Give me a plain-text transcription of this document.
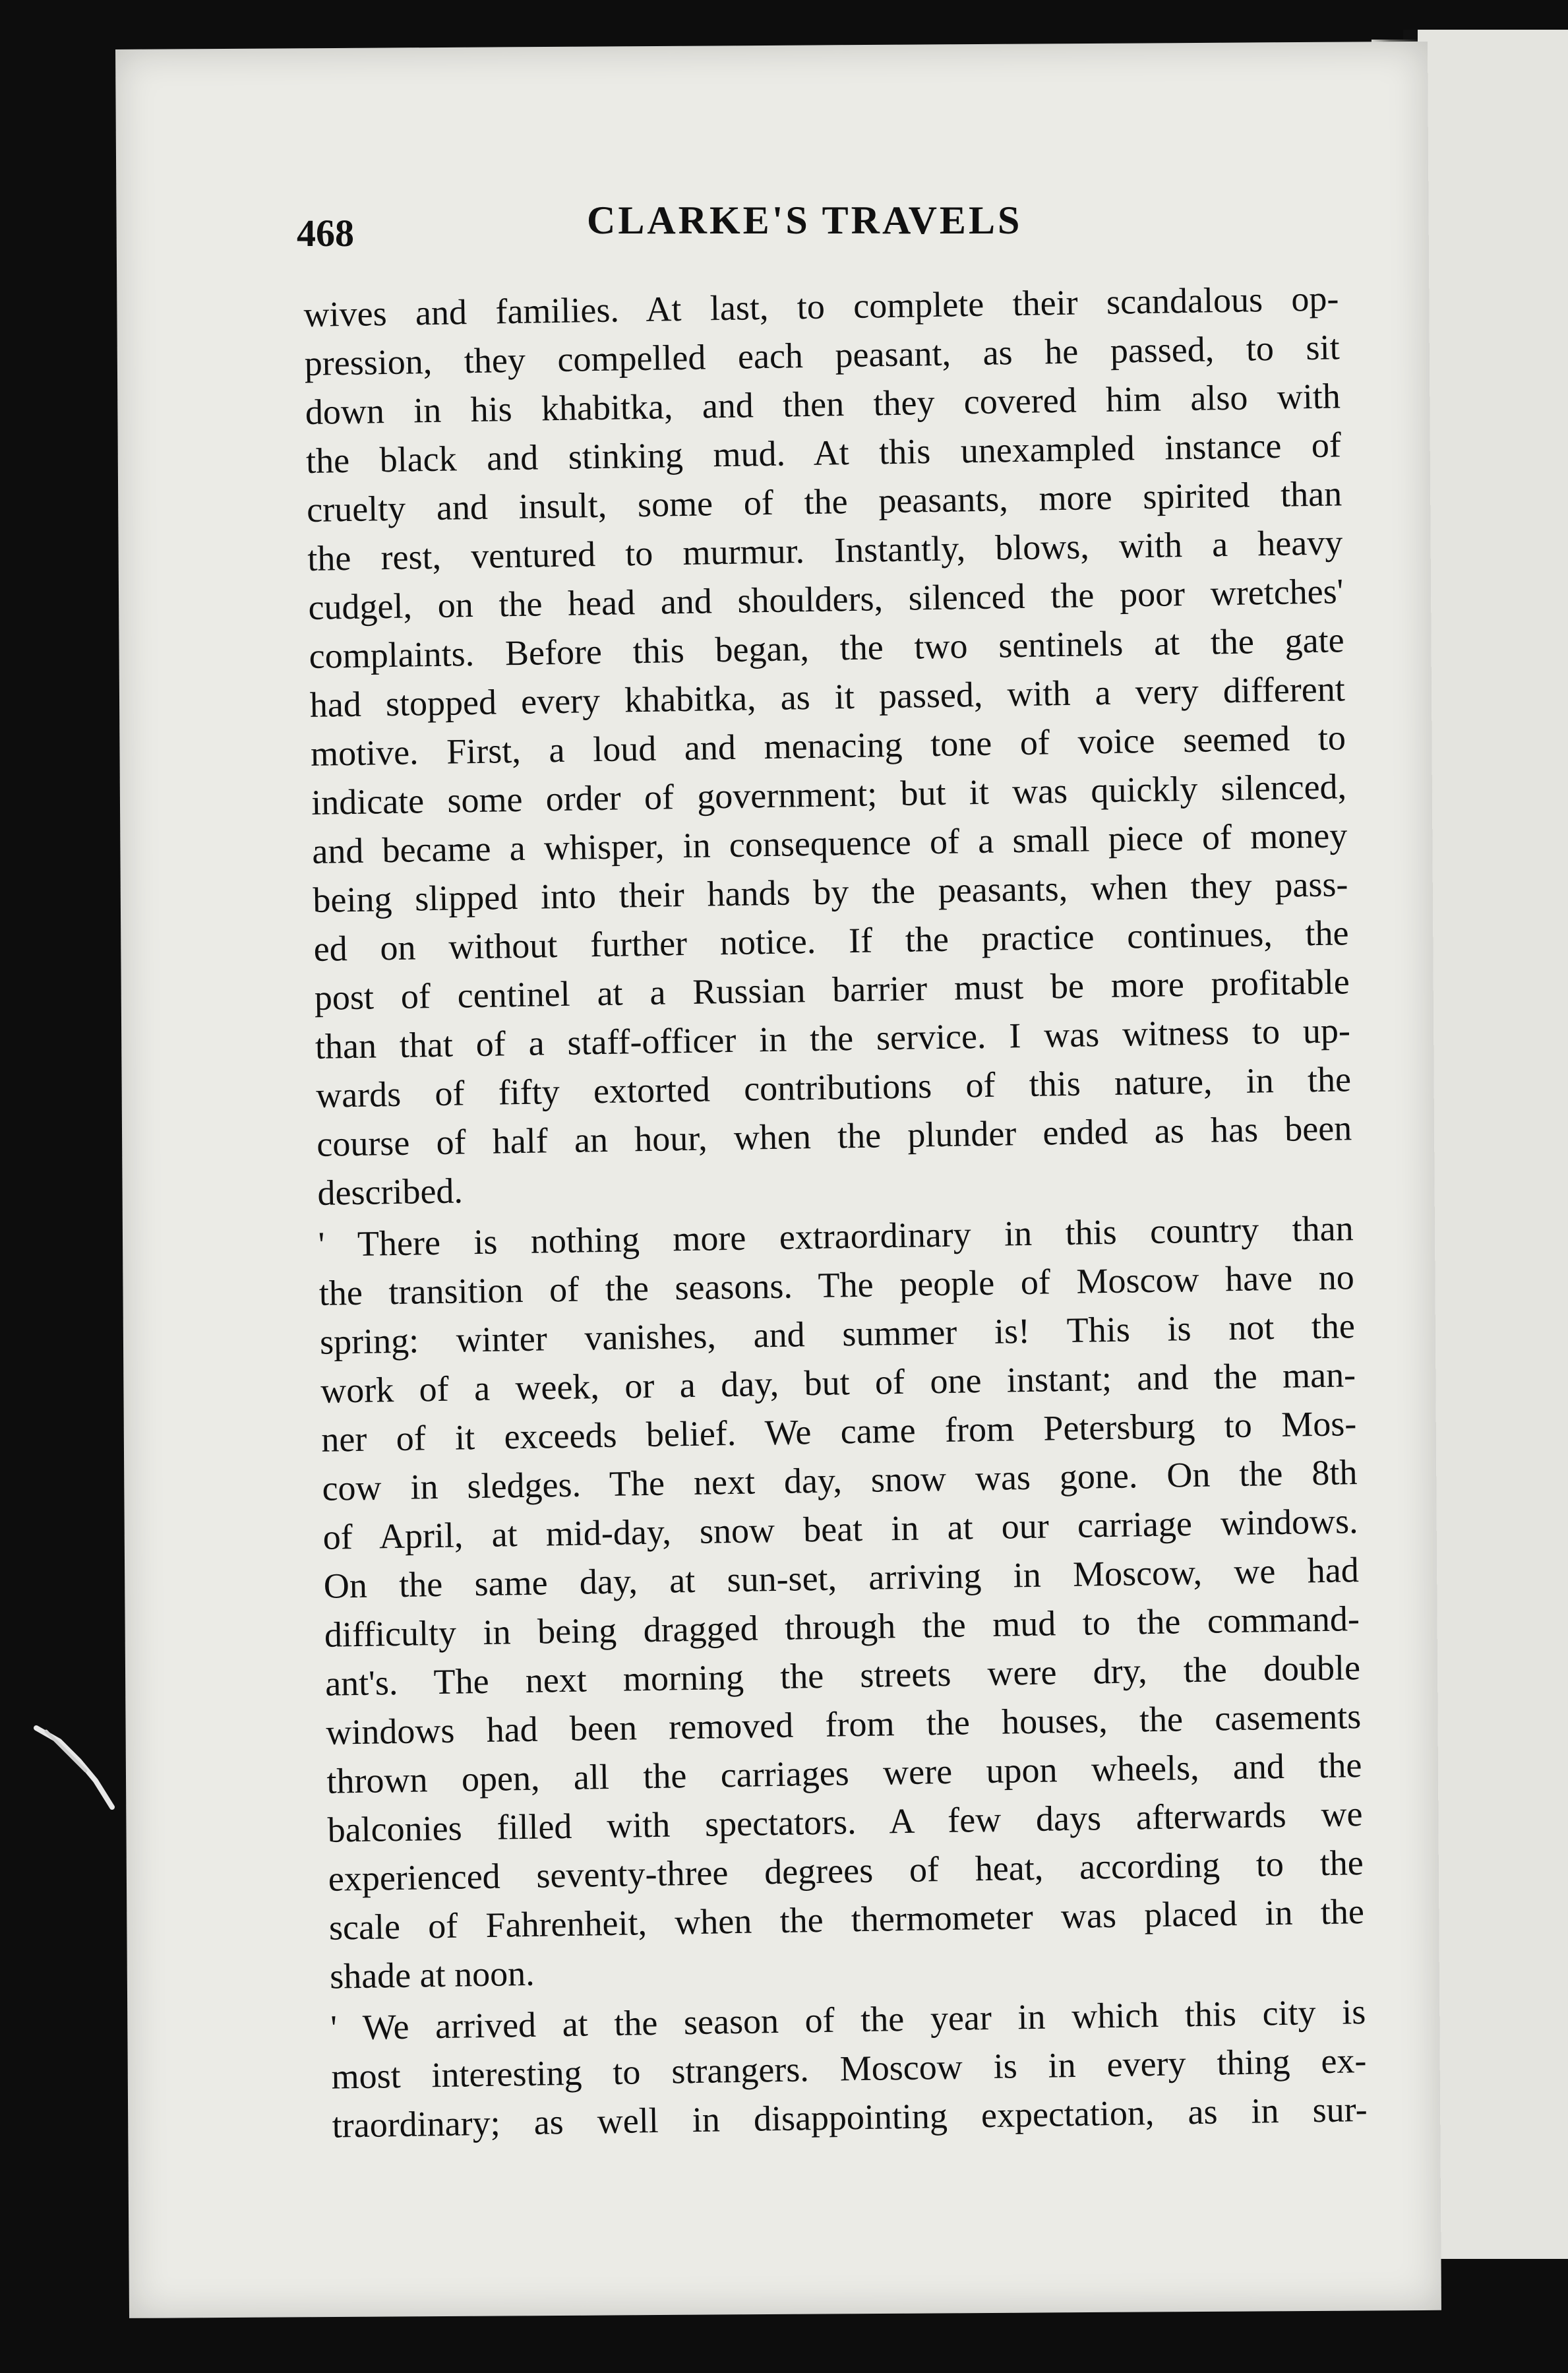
468	CLARKE'S TRAVELS
wives and families. At last, to complete their scandalous op-
pression, they compelled each peasant, as he passed, to sit
down in his khabitka, and then they covered him also with
the black and stinking mud. At this unexampled instance of
cruelty and insult, some of the peasants, more spirited than
the rest, ventured to murmur. Instantly, blows, with a heavy
cudgel, on the head and shoulders, silenced the poor wretches'
complaints. Before this began, the two sentinels at the gate
had stopped every khabitka, as it passed, with a very different
motive. First, a loud and menacing tone of voice seemed to
indicate some order of government; but it was quickly silenced,
and became a whisper, in consequence of a small piece of money
being slipped into their hands by the peasants, when they pass-
ed on without further notice. If the practice continues, the
post of centinel at a Russian barrier must be more profitable
than that of a staff-officer in the service. I was witness to up-
wards of fifty extorted contributions of this nature, in the
course of half an hour, when the plunder ended as has been
described.
' There is nothing more extraordinary in this country than
the transition of the seasons. The people of Moscow have no
spring: winter vanishes, and summer is! This is not the
work of a week, or a day, but of one instant; and the man-
ner of it exceeds belief. We came from Petersburg to Mos-
cow in sledges. The next day, snow was gone. On the 8th
of April, at mid-day, snow beat in at our carriage windows.
On the same day, at sun-set, arriving in Moscow, we had
difficulty in being dragged through the mud to the command-
ant's. The next morning the streets were dry, the double
windows had been removed from the houses, the casements
thrown open, all the carriages were upon wheels, and the
balconies filled with spectators. A few days afterwards we
experienced seventy-three degrees of heat, according to the
scale of Fahrenheit, when the thermometer was placed in the
shade at noon.
' We arrived at the season of the year in which this city is
most interesting to strangers. Moscow is in every thing ex-
traordinary; as well in disappointing expectation, as in sur-
